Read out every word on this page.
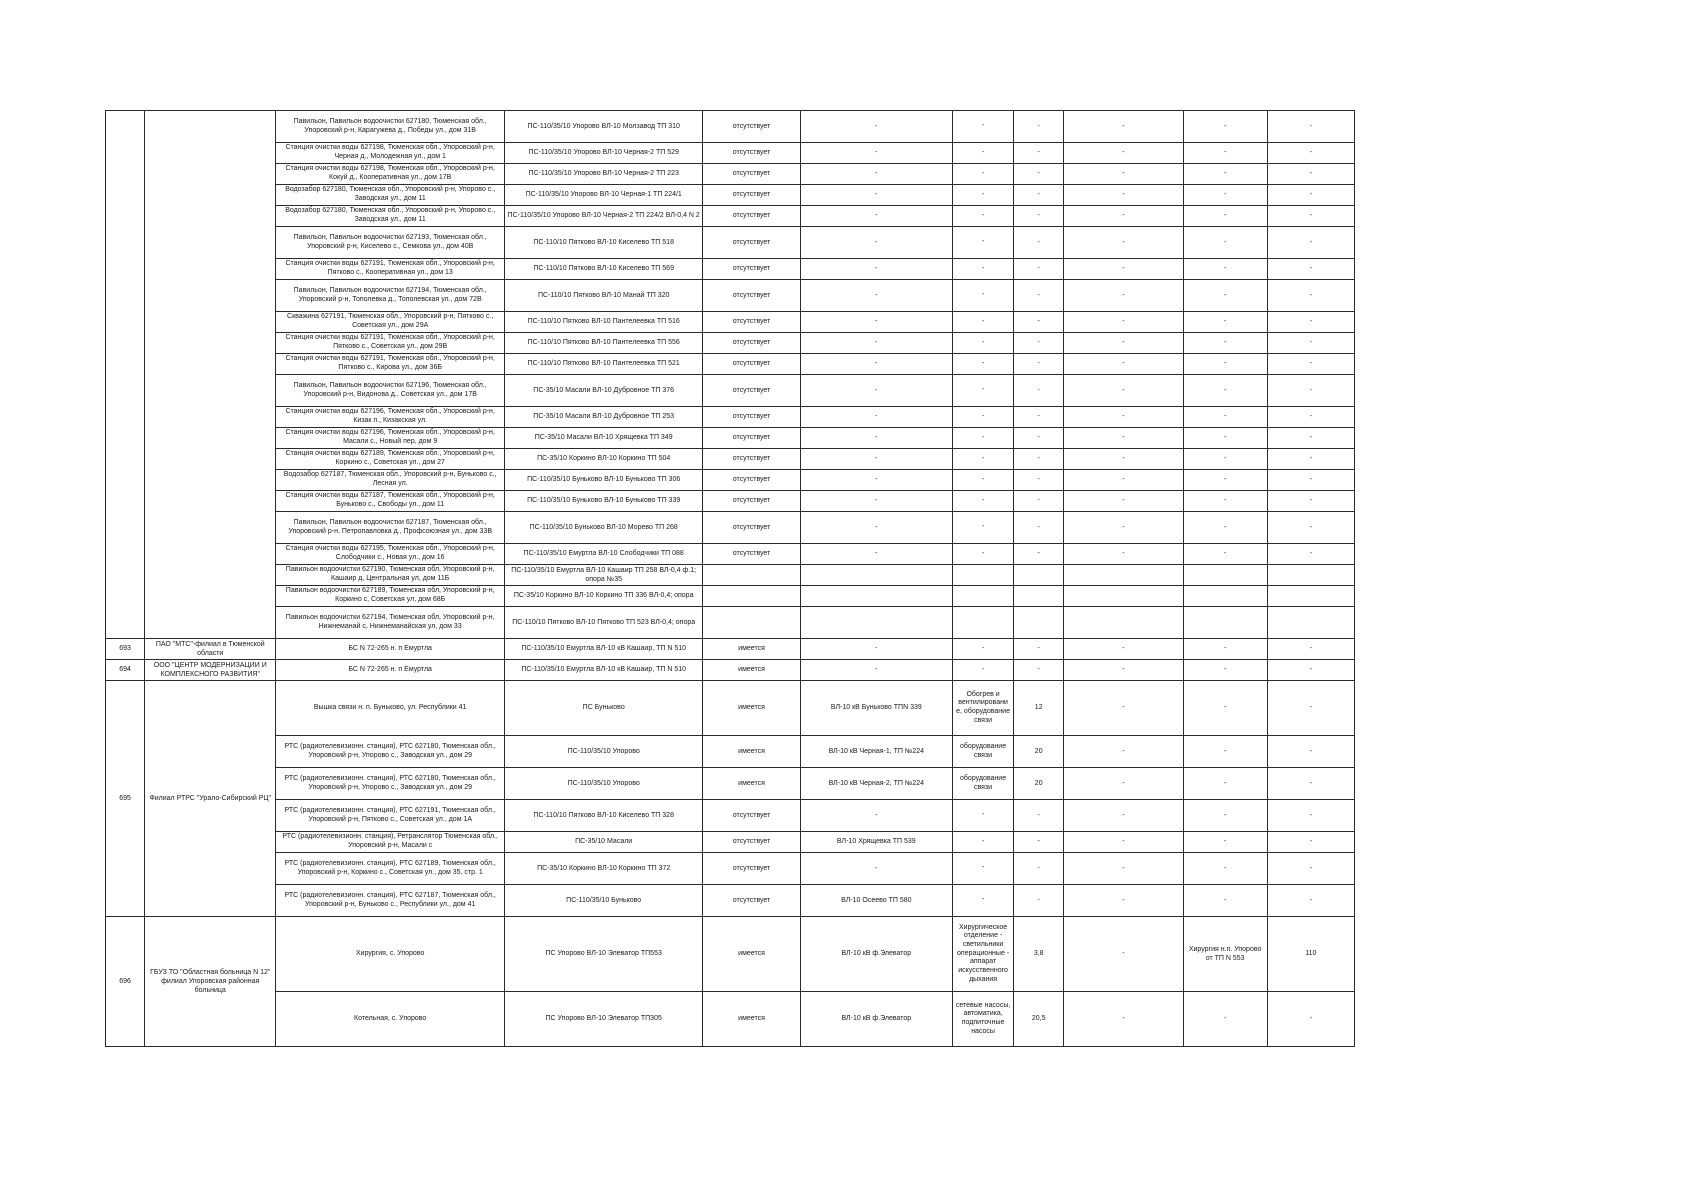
		Павильон, Павильон водоочистки 627180, Тюменская обл., Упоровский р-н, Карагужева д., Победы ул., дом 31В	ПС-110/35/10 Упорово ВЛ-10 Молзавод ТП 310	отсутствует	-	-	-	-	-	-
		Станция очистки воды 627198, Тюменская обл., Упоровский р-н, Черная д., Молодежная ул., дом 1	ПС-110/35/10 Упорово ВЛ-10 Черная-2 ТП 529	отсутствует	-	-	-	-	-	-
		Станция очистки воды 627198, Тюменская обл., Упоровский р-н, Кокуй д., Кооперативная ул., дом 17В	ПС-110/35/10 Упорово ВЛ-10 Черная-2 ТП 223	отсутствует	-	-	-	-	-	-
		Водозабор 627180, Тюменская обл., Упоровский р-н, Упорово с., Заводская ул., дом 11	ПС-110/35/10 Упорово ВЛ-10 Черная-1 ТП 224/1	отсутствует	-	-	-	-	-	-
		Водозабор 627180, Тюменская обл., Упоровский р-н, Упорово с., Заводская ул., дом 11	ПС-110/35/10 Упорово ВЛ-10 Черная-2 ТП 224/2 ВЛ-0,4 N 2	отсутствует	-	-	-	-	-	-
		Павильон, Павильон водоочистки 627193, Тюменская обл., Упоровский р-н, Киселево с., Семкова ул., дом 40В	ПС-110/10 Пятково ВЛ-10 Киселево ТП 518	отсутствует	-	-	-	-	-	-
		Станция очистки воды 627191, Тюменская обл., Упоровский р-н, Пятково с., Кооперативная ул., дом 13	ПС-110/10 Пятково ВЛ-10 Киселево ТП 569	отсутствует	-	-	-	-	-	-
		Павильон, Павильон водоочистки 627194, Тюменская обл., Упоровский р-н, Тополевка д., Тополевская ул., дом 72В	ПС-110/10 Пятково ВЛ-10 Манай ТП 320	отсутствует	-	-	-	-	-	-
		Скважина 627191, Тюменская обл., Упоровский р-н, Пятково с., Советская ул., дом 29А	ПС-110/10 Пятково ВЛ-10 Пантелеевка ТП 516	отсутствует	-	-	-	-	-	-
		Станция очистки воды 627191, Тюменская обл., Упоровский р-н, Пятково с., Советская ул., дом 29В	ПС-110/10 Пятково ВЛ-10 Пантелеевка ТП 556	отсутствует	-	-	-	-	-	-
		Станция очистки воды 627191, Тюменская обл., Упоровский р-н, Пятково с., Кирова ул., дом 36Б	ПС-110/10 Пятково ВЛ-10 Пантелеевка ТП 521	отсутствует	-	-	-	-	-	-
		Павильон, Павильон водоочистки 627196, Тюменская обл., Упоровский р-н, Видонова д., Советская ул., дом 17В	ПС-35/10 Масали ВЛ-10 Дубровное ТП 376	отсутствует	-	-	-	-	-	-
		Станция очистки воды 627196, Тюменская обл., Упоровский р-н, Кизак п., Кизакская ул.	ПС-35/10 Масали ВЛ-10 Дубровное ТП 253	отсутствует	-	-	-	-	-	-
		Станция очистки воды 627196, Тюменская обл., Упоровский р-н, Масали с., Новый пер, дом 9	ПС-35/10 Масали ВЛ-10 Хрящевка ТП 349	отсутствует	-	-	-	-	-	-
		Станция очистки воды 627189, Тюменская обл., Упоровский р-н, Коркино с., Советская ул., дом 27	ПС-35/10 Коркино ВЛ-10 Коркино ТП 504	отсутствует	-	-	-	-	-	-
		Водозабор 627187, Тюменская обл., Упоровский р-н, Буньково с., Лесная ул.	ПС-110/35/10 Буньково ВЛ-10 Буньково ТП 306	отсутствует	-	-	-	-	-	-
		Станция очистки воды 627187, Тюменская обл., Упоровский р-н, Буньково с., Свободы ул., дом 11	ПС-110/35/10 Буньково ВЛ-10 Буньково ТП 339	отсутствует	-	-	-	-	-	-
		Павильон, Павильон водоочистки 627187, Тюменская обл., Упоровский р-н, Петропавловка д., Профсоюзная ул., дом 33В	ПС-110/35/10 Буньково ВЛ-10 Морево ТП 268	отсутствует	-	-	-	-	-	-
		Станция очистки воды 627195, Тюменская обл., Упоровский р-н, Слободчики с., Новая ул., дом 16	ПС-110/35/10 Емуртла ВЛ-10 Слободчики ТП 088	отсутствует	-	-	-	-	-	-
		Павильон водоочистки 627190, Тюменская обл, Упоровский р-н, Кашаир д, Центральная ул, дом 11Б	ПС-110/35/10 Емуртла ВЛ-10 Кашаир ТП 258 ВЛ-0,4 ф.1; опора №35							
		Павильон водоочистки 627189, Тюменская обл, Упоровский р-н, Коркино с, Советская ул, дом 68Б	ПС-35/10 Коркино ВЛ-10 Коркино ТП 336 ВЛ-0,4; опора							
		Павильон водоочистки 627194, Тюменская обл, Упоровский р-н, Нижнеманай с, Нижнеманайская ул, дом 33	ПС-110/10 Пятково ВЛ-10 Пятково ТП 523 ВЛ-0,4; опора							
693	ПАО "МТС"-филиал в Тюменской области	БС N 72-265 н. п Емуртла	ПС-110/35/10 Емуртла ВЛ-10 кВ Кашаир, ТП N 510	имеется	-	-	-	-	-	-
694	ООО "ЦЕНТР МОДЕРНИЗАЦИИ И КОМПЛЕКСНОГО РАЗВИТИЯ"	БС N 72-265 н. п Емуртла	ПС-110/35/10 Емуртла ВЛ-10 кВ Кашаир, ТП N 510	имеется	-	-	-	-	-	-
695	Филиал РТРС "Урало-Сибирский РЦ"	Вышка связи н. п. Буньково, ул. Республики 41	ПС Буньково	имеется	ВЛ-10 кВ Буньково ТПN 339	Обогрев и вентилировани е, оборудование связи	12	-	-	-
		РТС (радиотелевизионн. станция), РТС 627180, Тюменская обл., Упоровский р-н, Упорово с., Заводская ул., дом 29	ПС-110/35/10 Упорово	имеется	ВЛ-10 кВ Черная-1, ТП №224	оборудование связи	20	-	-	-
		РТС (радиотелевизионн. станция), РТС 627180, Тюменская обл., Упоровский р-н, Упорово с., Заводская ул., дом 29	ПС-110/35/10 Упорово	имеется	ВЛ-10 кВ Черная-2, ТП №224	оборудование связи	20	-	-	-
		РТС (радиотелевизионн. станция), РТС 627191, Тюменская обл., Упоровский р-н, Пятково с., Советская ул., дом 1А	ПС-110/10 Пятково ВЛ-10 Киселево ТП 328	отсутствует	-	-	-	-	-	-
		РТС (радиотелевизионн. станция), Ретранслятор Тюменская обл., Упоровский р-н, Масали с	ПС-35/10 Масали	отсутствует	ВЛ-10 Хрящевка ТП 539	-	-	-	-	-
		РТС (радиотелевизионн. станция), РТС 627189, Тюменская обл., Упоровский р-н, Коркино с., Советская ул., дом 35, стр. 1	ПС-35/10 Коркино ВЛ-10 Коркино ТП 372	отсутствует	-	-	-	-	-	-
		РТС (радиотелевизионн. станция), РТС 627187, Тюменская обл., Упоровский р-н, Буньково с., Республики ул., дом 41	ПС-110/35/10 Буньково	отсутствует	ВЛ-10 Осеево ТП 580	-	-	-	-	-
696	ГБУЗ ТО "Областная больница N 12" филиал Упоровская районная больница	Хирургия, с. Упорово	ПС Упорово ВЛ-10 Элеватор ТП553	имеется	ВЛ-10 кВ ф.Элеватор	Хирургическое отделение - светильники операционные - аппарат искусственного дыхания	3,8	-	Хирургия н.п. Упорово от ТП N 553	110
		Котельная, с. Упорово	ПС Упорово ВЛ-10 Элеватор ТП305	имеется	ВЛ-10 кВ ф.Элеватор	сетевые насосы, автоматика, подпиточные насосы	20,5	-	-	-
